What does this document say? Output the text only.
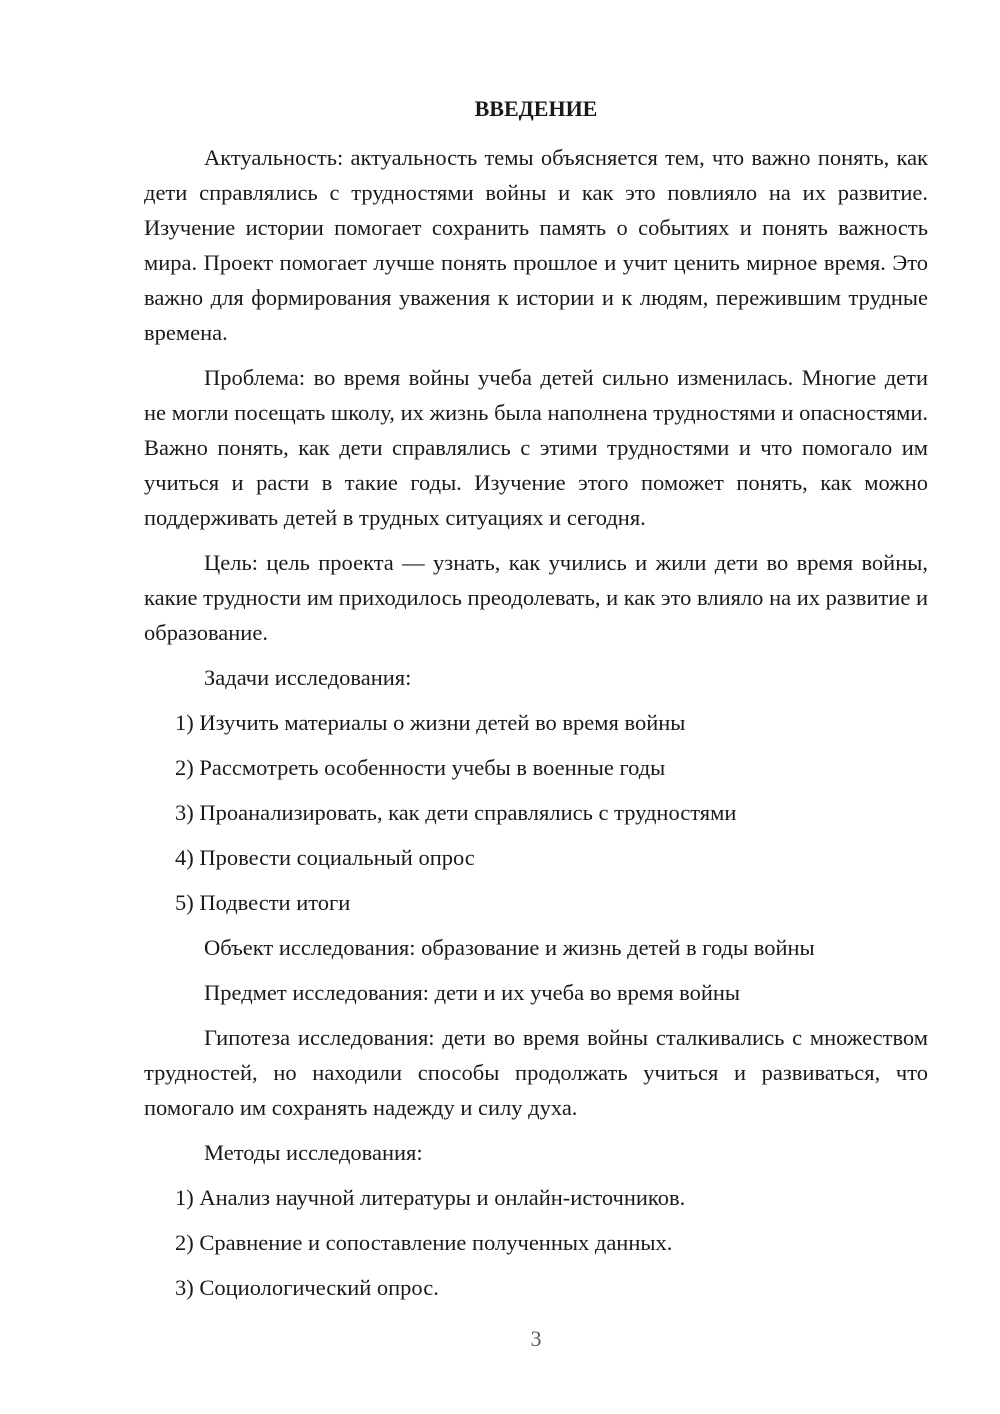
ВВЕДЕНИЕ

Актуальность: актуальность темы объясняется тем, что важно понять, как дети справлялись с трудностями войны и как это повлияло на их развитие. Изучение истории помогает сохранить память о событиях и понять важность мира. Проект помогает лучше понять прошлое и учит ценить мирное время. Это важно для формирования уважения к истории и к людям, пережившим трудные времена.

Проблема: во время войны учеба детей сильно изменилась. Многие дети не могли посещать школу, их жизнь была наполнена трудностями и опасностями. Важно понять, как дети справлялись с этими трудностями и что помогало им учиться и расти в такие годы. Изучение этого поможет понять, как можно поддерживать детей в трудных ситуациях и сегодня.

Цель: цель проекта — узнать, как учились и жили дети во время войны, какие трудности им приходилось преодолевать, и как это влияло на их развитие и образование.

Задачи исследования:
1) Изучить материалы о жизни детей во время войны
2) Рассмотреть особенности учебы в военные годы
3) Проанализировать, как дети справлялись с трудностями
4) Провести социальный опрос
5) Подвести итоги
Объект исследования: образование и жизнь детей в годы войны
Предмет исследования: дети и их учеба во время войны

Гипотеза исследования: дети во время войны сталкивались с множеством трудностей, но находили способы продолжать учиться и развиваться, что помогало им сохранять надежду и силу духа.

Методы исследования:
1) Анализ научной литературы и онлайн-источников.
2) Сравнение и сопоставление полученных данных.
3) Социологический опрос.
3
